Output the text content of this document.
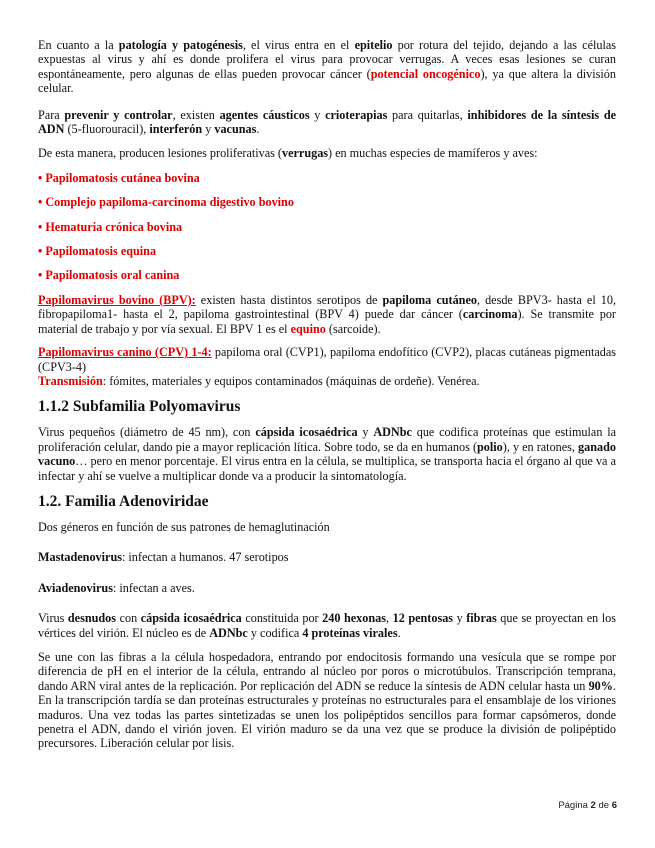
En cuanto a la patología y patogénesis, el virus entra en el epitelio por rotura del tejido, dejando a las células expuestas al virus y ahí es donde prolifera el virus para provocar verrugas. A veces esas lesiones se curan espontáneamente, pero algunas de ellas pueden provocar cáncer (potencial oncogénico), ya que altera la división celular.

Para prevenir y controlar, existen agentes cáusticos y crioterapias para quitarlas, inhibidores de la síntesis de ADN (5-fluorouracil), interferón y vacunas.

De esta manera, producen lesiones proliferativas (verrugas) en muchas especies de mamíferos y aves:

• Papilomatosis cutánea bovina

• Complejo papiloma-carcinoma digestivo bovino

• Hematuria crónica bovina

• Papilomatosis equina

• Papilomatosis oral canina

Papilomavirus bovino (BPV): existen hasta distintos serotipos de papiloma cutáneo, desde BPV3- hasta el 10, fibropapiloma1- hasta el 2, papiloma gastrointestinal (BPV 4) puede dar cáncer (carcinoma). Se transmite por material de trabajo y por vía sexual. El BPV 1 es el equino (sarcoide).

Papilomavirus canino (CPV) 1-4: papiloma oral (CVP1), papiloma endofítico (CVP2), placas cutáneas pigmentadas (CPV3-4)
Transmisión: fómites, materiales y equipos contaminados (máquinas de ordeñe). Venérea.

1.1.2 Subfamilia Polyomavirus

Virus pequeños (diámetro de 45 nm), con cápsida icosaédrica y ADNbc que codifica proteínas que estimulan la proliferación celular, dando pie a mayor replicación lítica. Sobre todo, se da en humanos (polio), y en ratones, ganado vacuno… pero en menor porcentaje. El virus entra en la célula, se multiplica, se transporta hacia el órgano al que va a infectar y ahí se vuelve a multiplicar donde va a producir la sintomatología.

1.2. Familia Adenoviridae

Dos géneros en función de sus patrones de hemaglutinación

Mastadenovirus: infectan a humanos. 47 serotipos

Aviadenovirus: infectan a aves.

Virus desnudos con cápsida icosaédrica constituida por 240 hexonas, 12 pentosas y fibras que se proyectan en los vértices del virión. El núcleo es de ADNbc y codifica 4 proteínas virales.

Se une con las fibras a la célula hospedadora, entrando por endocitosis formando una vesícula que se rompe por diferencia de pH en el interior de la célula, entrando al núcleo por poros o microtúbulos. Transcripción temprana, dando ARN viral antes de la replicación. Por replicación del ADN se reduce la síntesis de ADN celular hasta un 90%. En la transcripción tardía se dan proteínas estructurales y proteínas no estructurales para el ensamblaje de los viriones maduros. Una vez todas las partes sintetizadas se unen los polipéptidos sencillos para formar capsómeros, donde penetra el ADN, dando el virión joven. El virión maduro se da una vez que se produce la división de polipéptido precursores. Liberación celular por lisis.

Página 2 de 6
